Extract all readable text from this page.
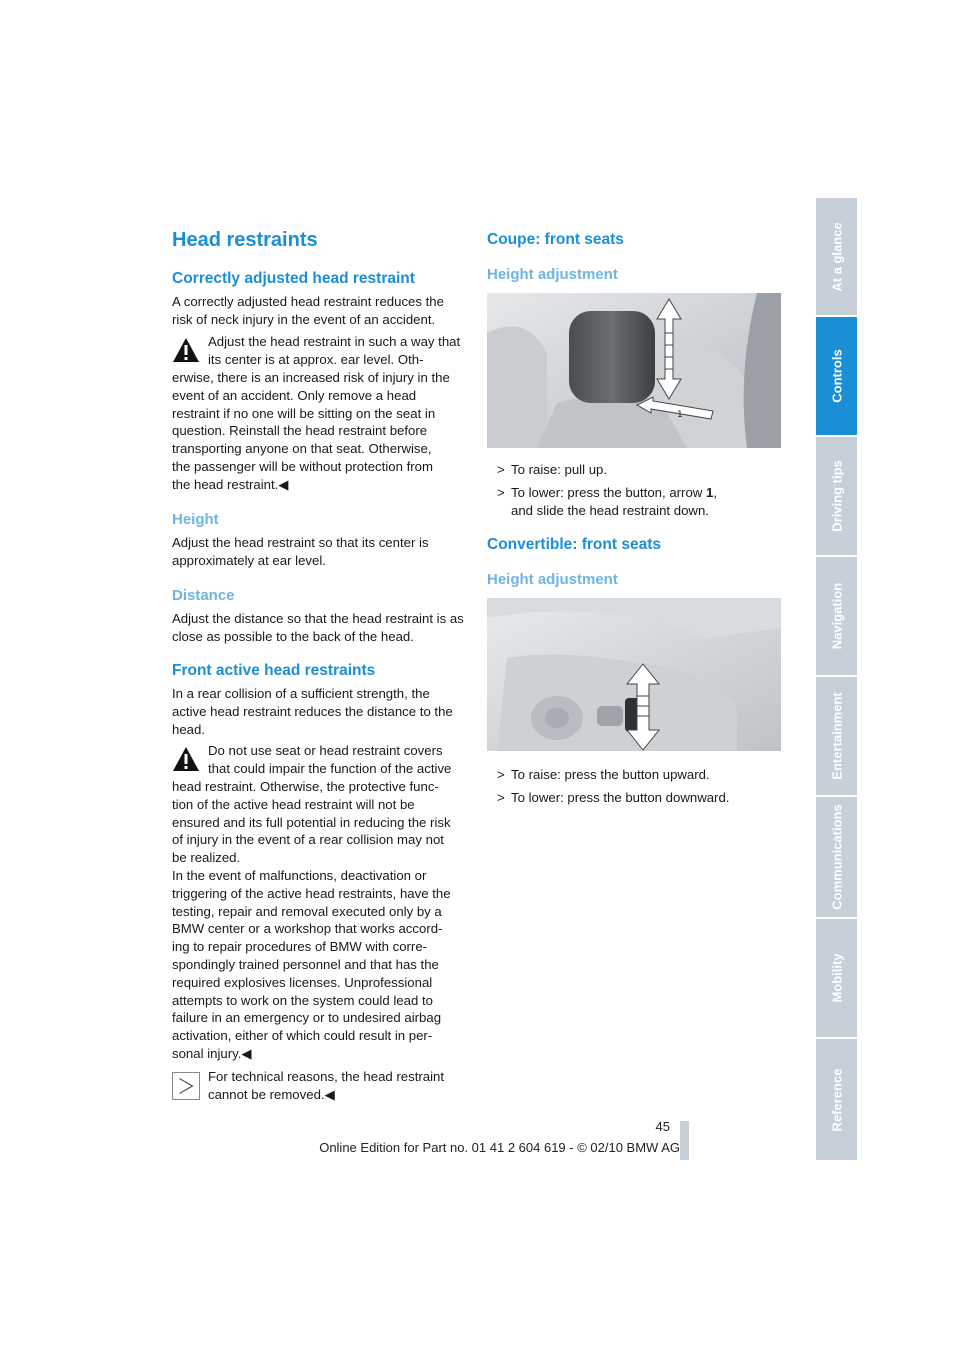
At a glance
Controls
Driving tips
Navigation
Entertainment
Communications
Mobility
Reference
Head restraints
Correctly adjusted head restraint
A correctly adjusted head restraint reduces the risk of neck injury in the event of an accident.
Adjust the head restraint in such a way that its center is at approx. ear level. Oth-
erwise, there is an increased risk of injury in the
event of an accident. Only remove a head
restraint if no one will be sitting on the seat in
question. Reinstall the head restraint before
transporting anyone on that seat. Otherwise,
the passenger will be without protection from
the head restraint.◀
Height
Adjust the head restraint so that its center is approximately at ear level.
Distance
Adjust the distance so that the head restraint is as close as possible to the back of the head.
Front active head restraints
In a rear collision of a sufficient strength, the active head restraint reduces the distance to the head.
Do not use seat or head restraint covers that could impair the function of the active
head restraint. Otherwise, the protective func-
tion of the active head restraint will not be
ensured and its full potential in reducing the risk
of injury in the event of a rear collision may not
be realized.
In the event of malfunctions, deactivation or
triggering of the active head restraints, have the
testing, repair and removal executed only by a
BMW center or a workshop that works accord-
ing to repair procedures of BMW with corre-
spondingly trained personnel and that has the
required explosives licenses. Unprofessional
attempts to work on the system could lead to
failure in an emergency or to undesired airbag
activation, either of which could result in per-
sonal injury.◀
For technical reasons, the head restraint cannot be removed.◀
Coupe: front seats
Height adjustment
1
> To raise: pull up.
> To lower: press the button, arrow 1,
and slide the head restraint down.
Convertible: front seats
Height adjustment
> To raise: press the button upward.
> To lower: press the button downward.
45
Online Edition for Part no. 01 41 2 604 619 - © 02/10 BMW AG
